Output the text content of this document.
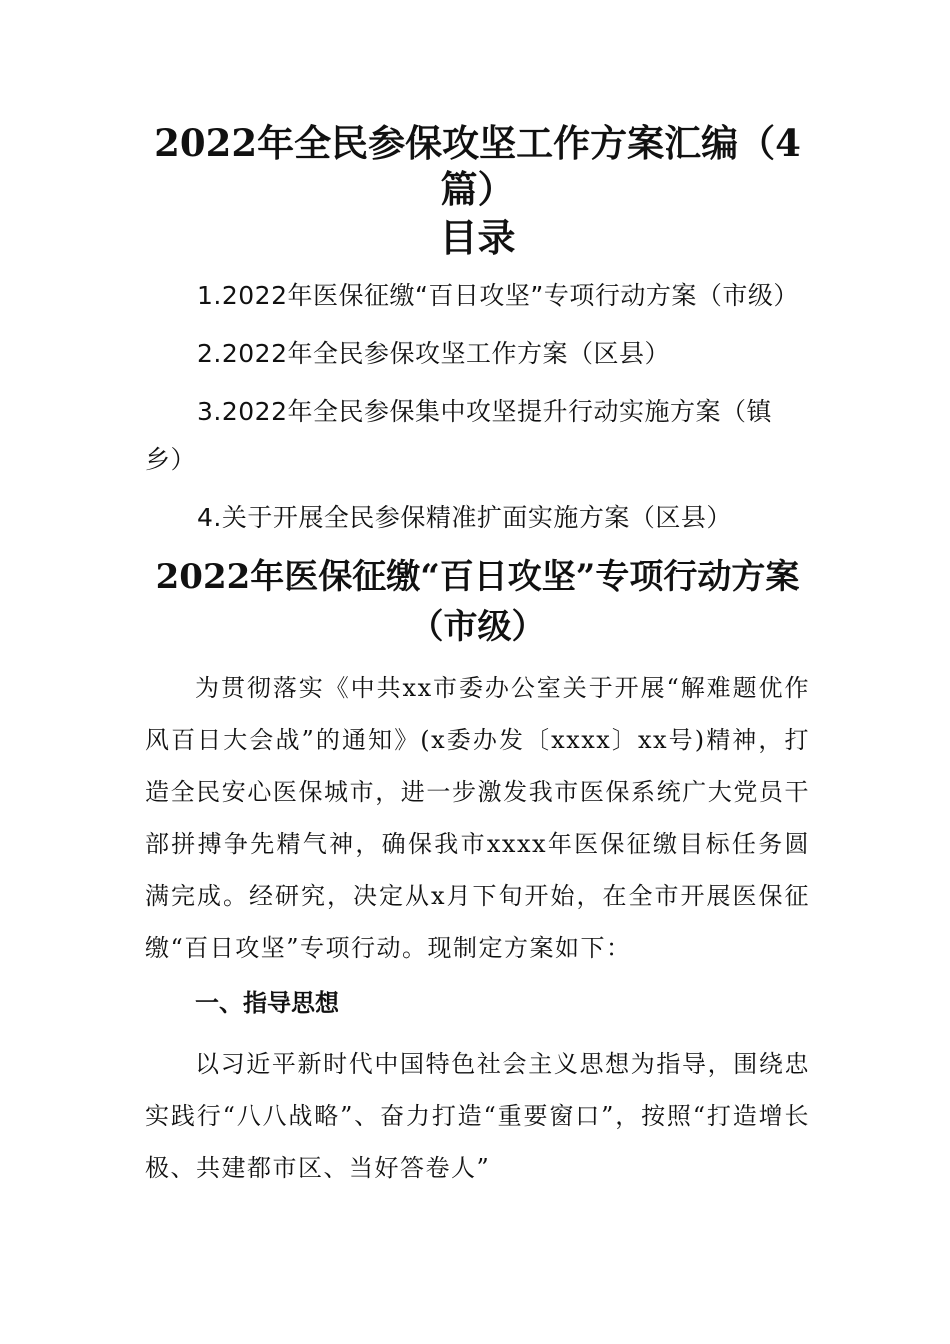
2022年全民参保攻坚工作方案汇编（4篇）
目录
1.2022年医保征缴“百日攻坚”专项行动方案（市级）
2.2022年全民参保攻坚工作方案（区县）
3.2022年全民参保集中攻坚提升行动实施方案（镇乡）
4.关于开展全民参保精准扩面实施方案（区县）
2022年医保征缴“百日攻坚”专项行动方案（市级）

为贯彻落实《中共xx市委办公室关于开展“解难题优作风百日大会战”的通知》(x委办发〔xxxx〕xx号)精神，打造全民安心医保城市，进一步激发我市医保系统广大党员干部拼搏争先精气神，确保我市xxxx年医保征缴目标任务圆满完成。经研究，决定从x月下旬开始，在全市开展医保征缴“百日攻坚”专项行动。现制定方案如下：

一、指导思想

以习近平新时代中国特色社会主义思想为指导，围绕忠实践行“八八战略”、奋力打造“重要窗口”，按照“打造增长极、共建都市区、当好答卷人”
